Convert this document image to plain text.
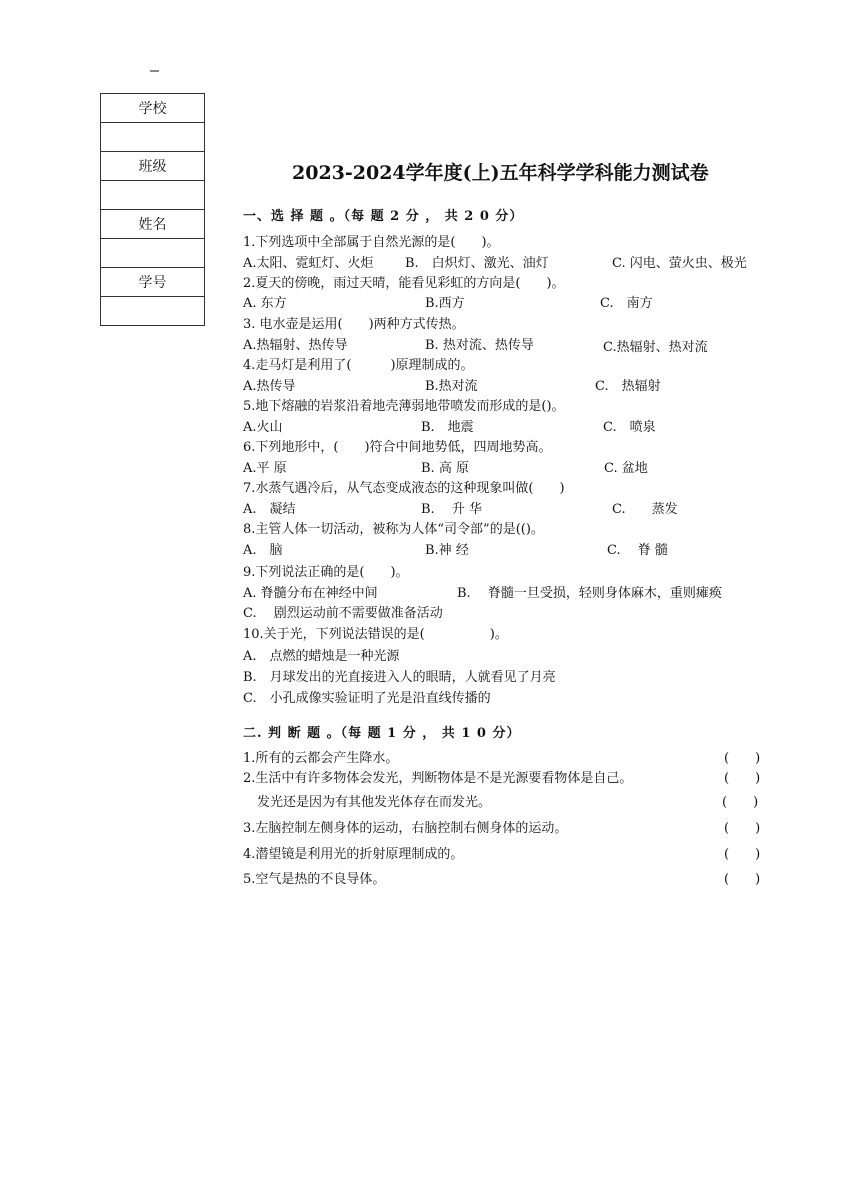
学校

班级

姓名

学号

2023-2024学年度(上)五年科学学科能力测试卷
一、选 择 题 。（每 题 2 分 ， 共 2 0 分）
1.下列选项中全部属于自然光源的是(　　)。
A.太阳、霓虹灯、火炬 B.　白炽灯、激光、油灯	C. 闪电、萤火虫、极光
2.夏天的傍晚，雨过天晴，能看见彩虹的方向是(　　)。
A. 东方	B.西方	C.　南方
3. 电水壶是运用(　　)两种方式传热。
A.热辐射、热传导	B. 热对流、热传导	C.热辐射、热对流
4.走马灯是利用了(　　　)原理制成的。
A.热传导	B.热对流	C.　热辐射
5.地下熔融的岩浆沿着地壳薄弱地带喷发而形成的是()。
A.火山	B.　地震	C.　喷泉
6.下列地形中，(　　)符合中间地势低，四周地势高。
A.平 原	B. 高 原	C. 盆地
7.水蒸气遇冷后，从气态变成液态的这种现象叫做(　　)
A.　凝结	B.　 升 华	C.　　蒸发
8.主管人体一切活动，被称为人体“司令部”的是(()。
A.　脑	B.神 经	C.　 脊 髓
9.下列说法正确的是(　　)。
A. 脊髓分布在神经中间	B.　 脊髓一旦受损，轻则身体麻木，重则瘫痪
C.　 剧烈运动前不需要做准备活动
10.关于光，下列说法错误的是(　　　　　)。
A.　点燃的蜡烛是一种光源
B.　月球发出的光直接进入人的眼睛，人就看见了月亮
C.　小孔成像实验证明了光是沿直线传播的
二. 判 断 题 。（每 题 1 分 ， 共 1 0 分）
1.所有的云都会产生降水。	(　　)
2.生活中有许多物体会发光，判断物体是不是光源要看物体是自己。	(　　)
发光还是因为有其他发光体存在而发光。	(　　)
3.左脑控制左侧身体的运动，右脑控制右侧身体的运动。	(　　)
4.潜望镜是利用光的折射原理制成的。	(　　)
5.空气是热的不良导体。	(　　)
